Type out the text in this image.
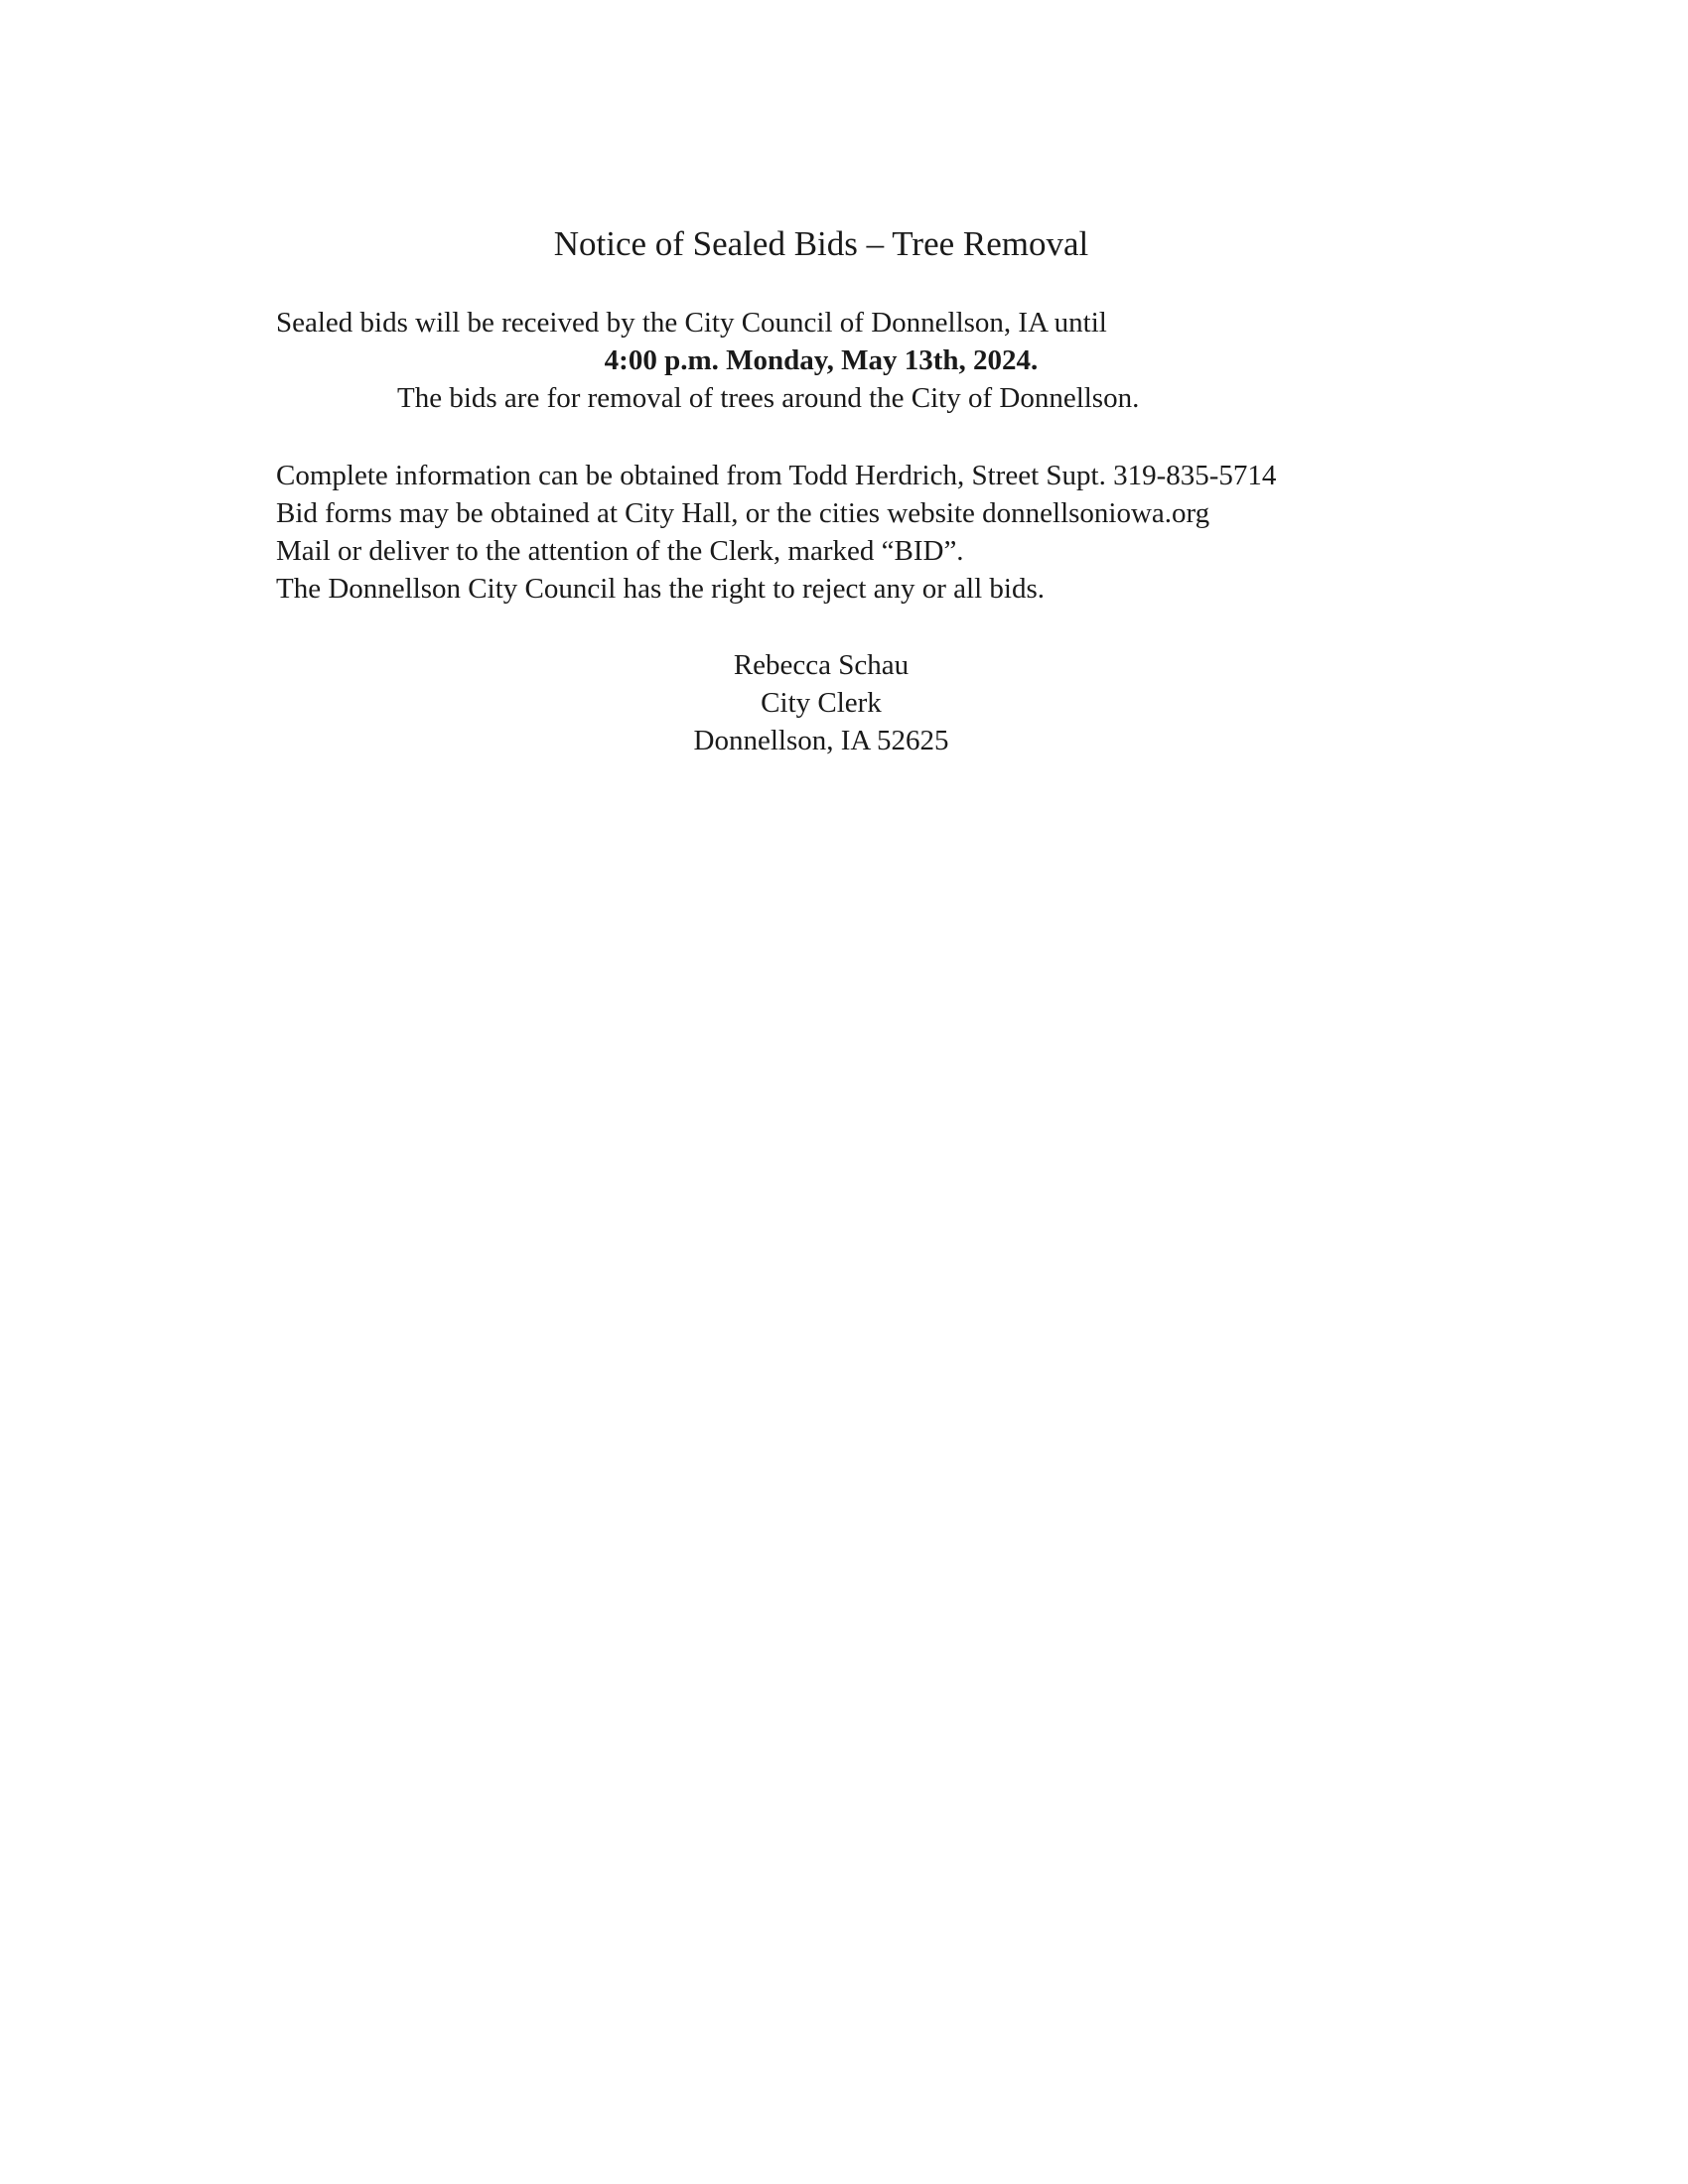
Notice of Sealed Bids – Tree Removal
Sealed bids will be received by the City Council of Donnellson, IA until
4:00 p.m. Monday, May 13th, 2024.
The bids are for removal of trees around the City of Donnellson.
Complete information can be obtained from Todd Herdrich, Street Supt. 319-835-5714
Bid forms may be obtained at City Hall, or the cities website donnellsoniowa.org
Mail or deliver to the attention of the Clerk, marked “BID”.
The Donnellson City Council has the right to reject any or all bids.
Rebecca Schau
City Clerk
Donnellson, IA 52625
